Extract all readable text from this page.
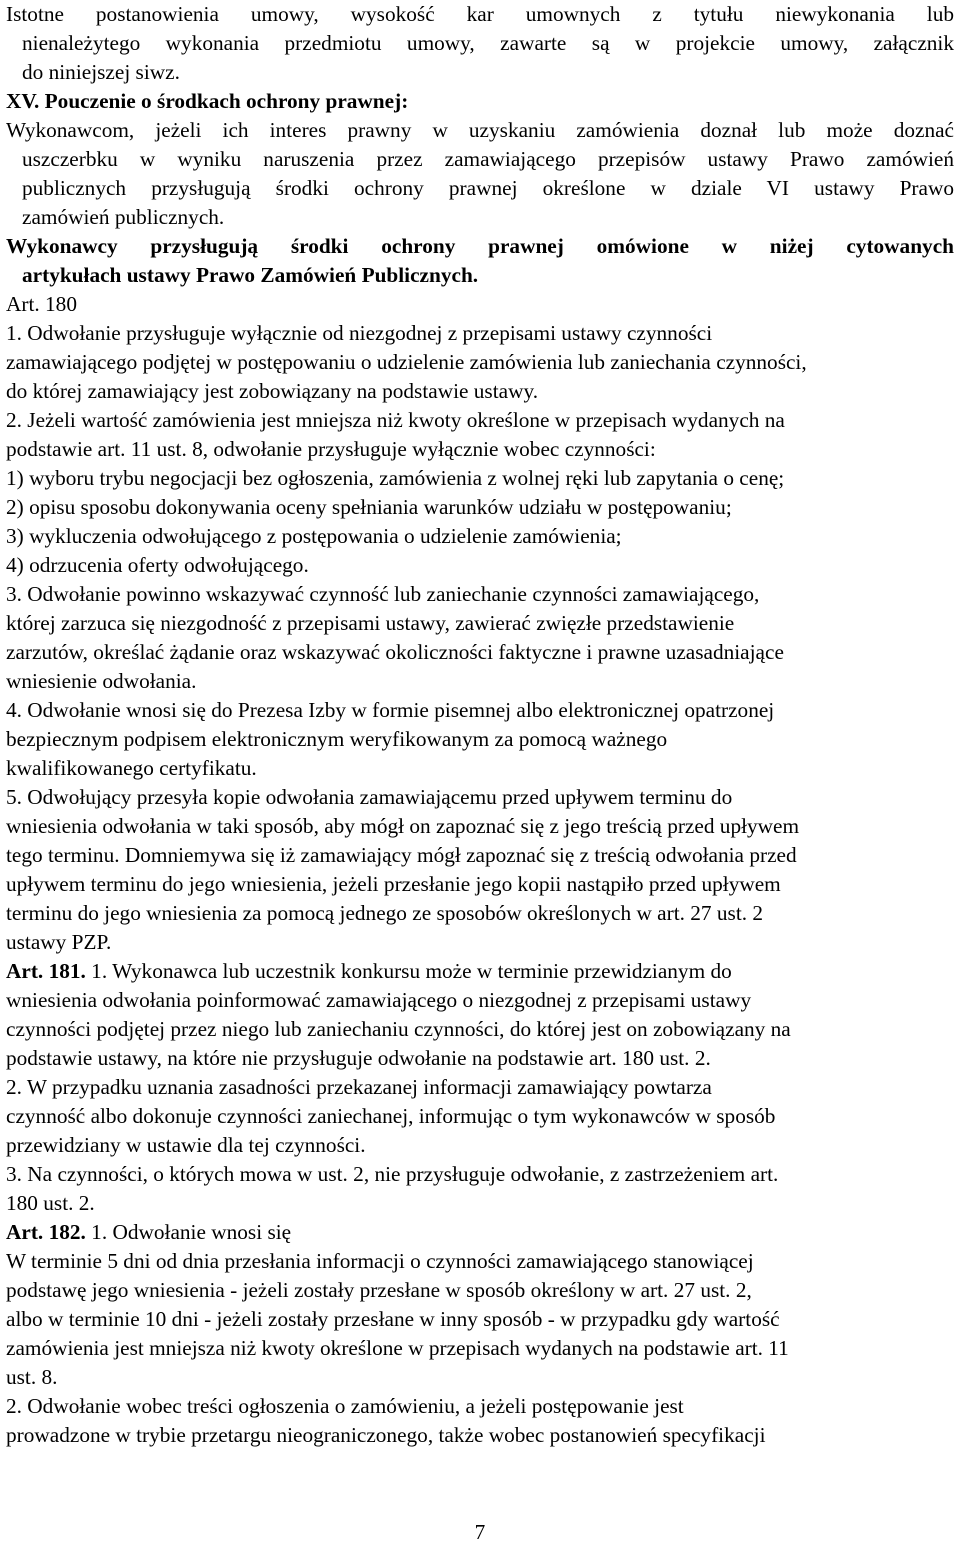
Istotne postanowienia umowy, wysokość kar umownych z tytułu niewykonania lub
nienależytego wykonania przedmiotu umowy, zawarte są w projekcie umowy, załącznik
do niniejszej siwz.
XV. Pouczenie o środkach ochrony prawnej:
Wykonawcom, jeżeli ich interes prawny w uzyskaniu zamówienia doznał lub może doznać
uszczerbku w wyniku naruszenia przez zamawiającego przepisów ustawy Prawo zamówień
publicznych przysługują środki ochrony prawnej określone w dziale VI ustawy Prawo
zamówień publicznych.
Wykonawcy przysługują środki ochrony prawnej omówione w niżej cytowanych
artykułach ustawy Prawo Zamówień Publicznych.
Art. 180
1. Odwołanie przysługuje wyłącznie od niezgodnej z przepisami ustawy czynności
zamawiającego podjętej w postępowaniu o udzielenie zamówienia lub zaniechania czynności,
do której zamawiający jest zobowiązany na podstawie ustawy.
2. Jeżeli wartość zamówienia jest mniejsza niż kwoty określone w przepisach wydanych na
podstawie art. 11 ust. 8, odwołanie przysługuje wyłącznie wobec czynności:
1) wyboru trybu negocjacji bez ogłoszenia, zamówienia z wolnej ręki lub zapytania o cenę;
2) opisu sposobu dokonywania oceny spełniania warunków udziału w postępowaniu;
3) wykluczenia odwołującego z postępowania o udzielenie zamówienia;
4) odrzucenia oferty odwołującego.
3. Odwołanie powinno wskazywać czynność lub zaniechanie czynności zamawiającego,
której zarzuca się niezgodność z przepisami ustawy, zawierać zwięzłe przedstawienie
zarzutów, określać żądanie oraz wskazywać okoliczności faktyczne i prawne uzasadniające
wniesienie odwołania.
4. Odwołanie wnosi się do Prezesa Izby w formie pisemnej albo elektronicznej opatrzonej
bezpiecznym podpisem elektronicznym weryfikowanym za pomocą ważnego
kwalifikowanego certyfikatu.
5. Odwołujący przesyła kopie odwołania zamawiającemu przed upływem terminu do
wniesienia odwołania w taki sposób, aby mógł on zapoznać się z jego treścią przed upływem
tego terminu. Domniemywa się iż zamawiający mógł zapoznać się z treścią odwołania przed
upływem terminu do jego wniesienia, jeżeli przesłanie jego kopii nastąpiło przed upływem
terminu do jego wniesienia za pomocą jednego ze sposobów określonych w art. 27 ust. 2
ustawy PZP.
Art. 181. 1. Wykonawca lub uczestnik konkursu może w terminie przewidzianym do
wniesienia odwołania poinformować zamawiającego o niezgodnej z przepisami ustawy
czynności podjętej przez niego lub zaniechaniu czynności, do której jest on zobowiązany na
podstawie ustawy, na które nie przysługuje odwołanie na podstawie art. 180 ust. 2.
2. W przypadku uznania zasadności przekazanej informacji zamawiający powtarza
czynność albo dokonuje czynności zaniechanej, informując o tym wykonawców w sposób
przewidziany w ustawie dla tej czynności.
3. Na czynności, o których mowa w ust. 2, nie przysługuje odwołanie, z zastrzeżeniem art.
180 ust. 2.
Art. 182. 1. Odwołanie wnosi się
W terminie 5 dni od dnia przesłania informacji o czynności zamawiającego stanowiącej
podstawę jego wniesienia - jeżeli zostały przesłane w sposób określony w art. 27 ust. 2,
albo w terminie 10 dni - jeżeli zostały przesłane w inny sposób - w przypadku gdy wartość
zamówienia jest mniejsza niż kwoty określone w przepisach wydanych na podstawie art. 11
ust. 8.
2. Odwołanie wobec treści ogłoszenia o zamówieniu, a jeżeli postępowanie jest
prowadzone w trybie przetargu nieograniczonego, także wobec postanowień specyfikacji
7
